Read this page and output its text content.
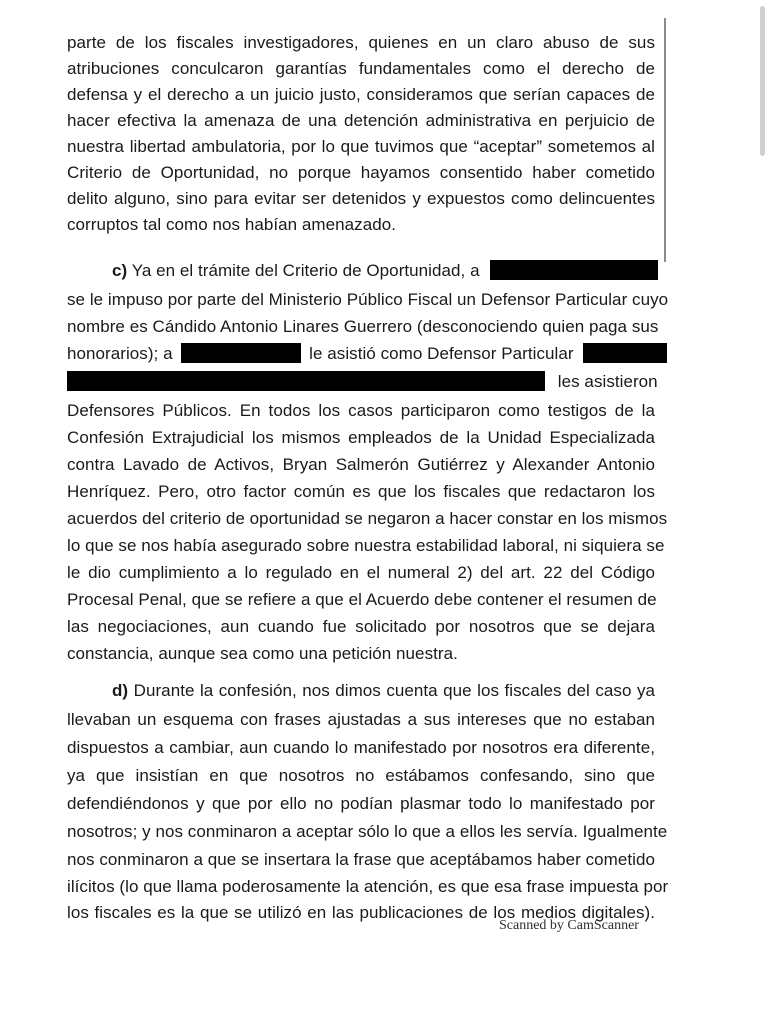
parte de los fiscales investigadores, quienes en un claro abuso de sus
atribuciones conculcaron garantías fundamentales como el derecho de
defensa y el derecho a un juicio justo, consideramos que serían capaces de
hacer efectiva la amenaza de una detención administrativa en perjuicio de
nuestra libertad ambulatoria, por lo que tuvimos que “aceptar” sometemos al
Criterio de Oportunidad, no porque hayamos consentido haber cometido
delito alguno, sino para evitar ser detenidos y expuestos como delincuentes
corruptos tal como nos habían amenazado.
c) Ya en el trámite del Criterio de Oportunidad, a
se le impuso por parte del Ministerio Público Fiscal un Defensor Particular cuyo
nombre es Cándido Antonio Linares Guerrero (desconociendo quien paga sus
honorarios); a	le asistió como Defensor Particular
les asistieron
Defensores Públicos. En todos los casos participaron como testigos de la
Confesión Extrajudicial los mismos empleados de la Unidad Especializada
contra Lavado de Activos, Bryan Salmerón Gutiérrez y Alexander Antonio
Henríquez. Pero, otro factor común es que los fiscales que redactaron los
acuerdos del criterio de oportunidad se negaron a hacer constar en los mismos
lo que se nos había asegurado sobre nuestra estabilidad laboral, ni siquiera se
le dio cumplimiento a lo regulado en el numeral 2) del art. 22 del Código
Procesal Penal, que se refiere a que el Acuerdo debe contener el resumen de
las negociaciones, aun cuando fue solicitado por nosotros que se dejara
constancia, aunque sea como una petición nuestra.
d) Durante la confesión, nos dimos cuenta que los fiscales del caso ya
llevaban un esquema con frases ajustadas a sus intereses que no estaban
dispuestos a cambiar, aun cuando lo manifestado por nosotros era diferente,
ya que insistían en que nosotros no estábamos confesando, sino que
defendiéndonos y que por ello no podían plasmar todo lo manifestado por
nosotros; y nos conminaron a aceptar sólo lo que a ellos les servía. Igualmente
nos conminaron a que se insertara la frase que aceptábamos haber cometido
ilícitos (lo que llama poderosamente la atención, es que esa frase impuesta por
los fiscales es la que se utilizó en las publicaciones de los medios digitales).
Scanned by CamScanner
